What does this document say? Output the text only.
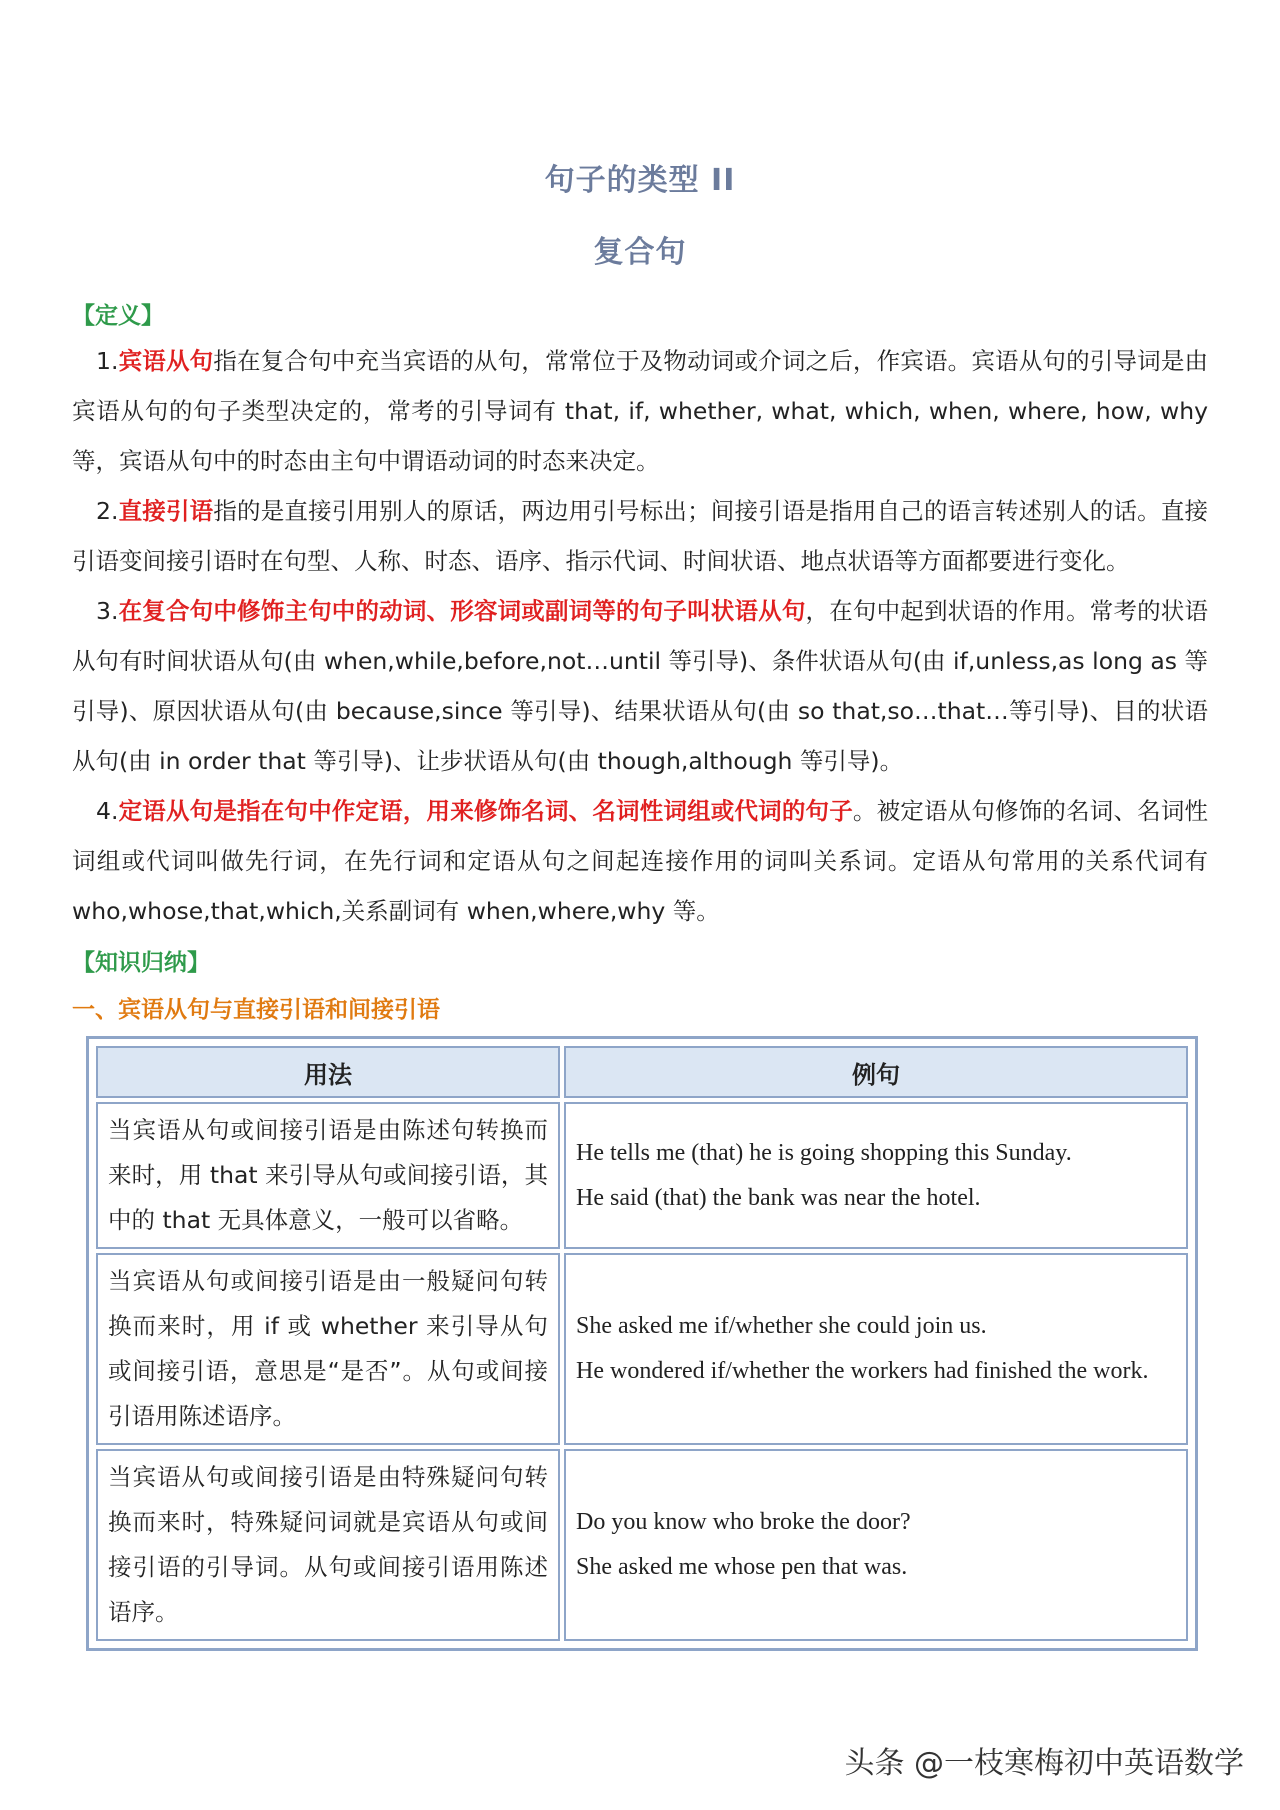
句子的类型 II
复合句
【定义】
1.宾语从句指在复合句中充当宾语的从句，常常位于及物动词或介词之后，作宾语。宾语从句的引导词是由宾语从句的句子类型决定的，常考的引导词有 that, if, whether, what, which, when, where, how, why 等，宾语从句中的时态由主句中谓语动词的时态来决定。
2.直接引语指的是直接引用别人的原话，两边用引号标出；间接引语是指用自己的语言转述别人的话。直接引语变间接引语时在句型、人称、时态、语序、指示代词、时间状语、地点状语等方面都要进行变化。
3.在复合句中修饰主句中的动词、形容词或副词等的句子叫状语从句，在句中起到状语的作用。常考的状语从句有时间状语从句(由 when,while,before,not…until 等引导)、条件状语从句(由 if,unless,as long as 等引导)、原因状语从句(由 because,since 等引导)、结果状语从句(由 so that,so…that…等引导)、目的状语从句(由 in order that 等引导)、让步状语从句(由 though,although 等引导)。
4.定语从句是指在句中作定语，用来修饰名词、名词性词组或代词的句子。被定语从句修饰的名词、名词性词组或代词叫做先行词，在先行词和定语从句之间起连接作用的词叫关系词。定语从句常用的关系代词有 who,whose,that,which,关系副词有 when,where,why 等。
【知识归纳】
一、宾语从句与直接引语和间接引语
用法	例句
当宾语从句或间接引语是由陈述句转换而来时，用 that 来引导从句或间接引语，其中的 that 无具体意义，一般可以省略。	He tells me (that) he is going shopping this Sunday.
He said (that) the bank was near the hotel.

当宾语从句或间接引语是由一般疑问句转换而来时，用 if 或 whether 来引导从句或间接引语，意思是“是否”。从句或间接引语用陈述语序。	She asked me if/whether she could join us.
He wondered if/whether the workers had finished the work.

当宾语从句或间接引语是由特殊疑问句转换而来时，特殊疑问词就是宾语从句或间接引语的引导词。从句或间接引语用陈述语序。	Do you know who broke the door?
She asked me whose pen that was.
头条 @一枝寒梅初中英语数学
